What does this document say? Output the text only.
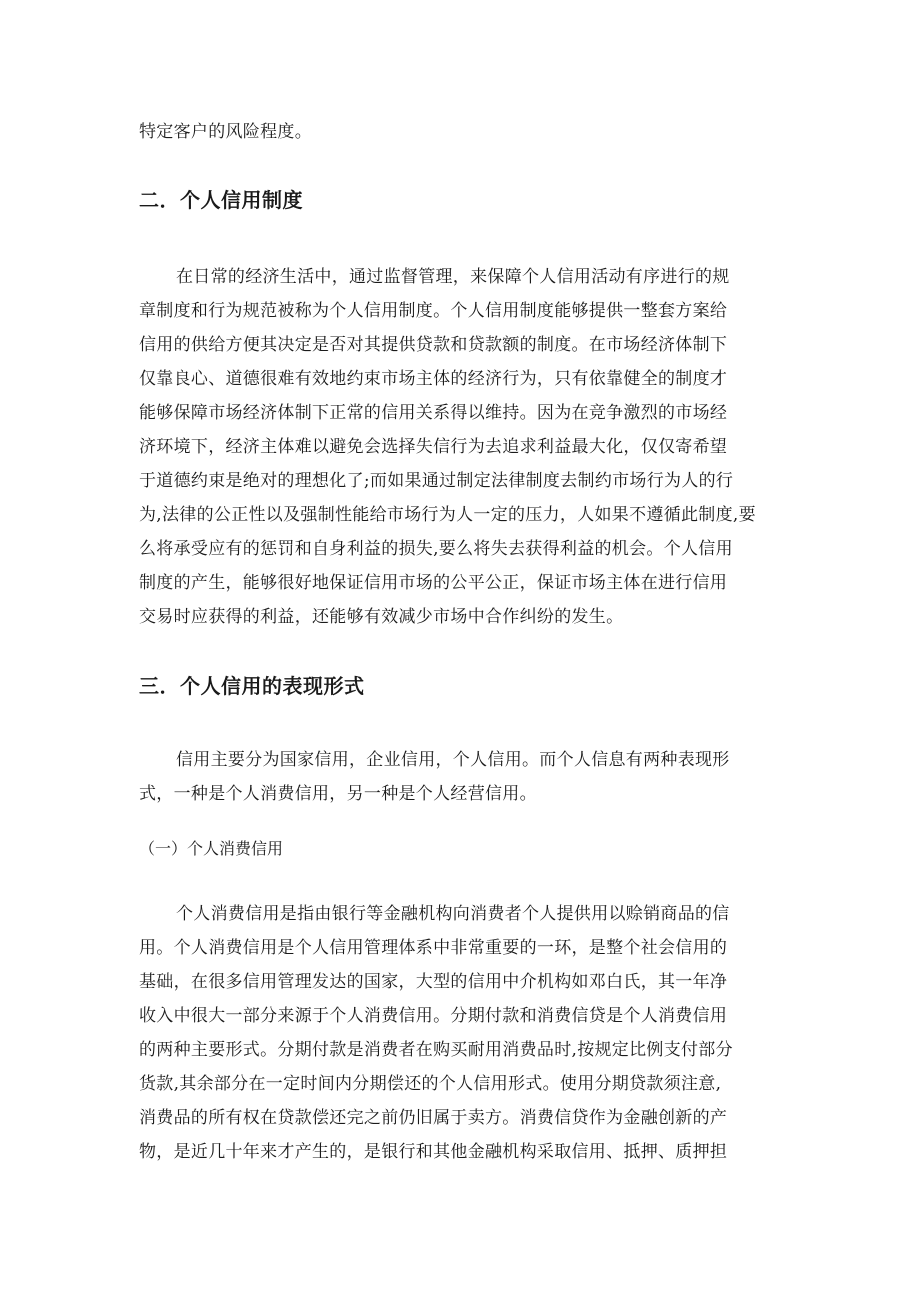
特定客户的风险程度。
二．个人信用制度
在日常的经济生活中，通过监督管理，来保障个人信用活动有序进行的规
章制度和行为规范被称为个人信用制度。个人信用制度能够提供一整套方案给
信用的供给方便其决定是否对其提供贷款和贷款额的制度。在市场经济体制下
仅靠良心、道德很难有效地约束市场主体的经济行为，只有依靠健全的制度才
能够保障市场经济体制下正常的信用关系得以维持。因为在竞争激烈的市场经
济环境下，经济主体难以避免会选择失信行为去追求利益最大化，仅仅寄希望
于道德约束是绝对的理想化了;而如果通过制定法律制度去制约市场行为人的行
为,法律的公正性以及强制性能给市场行为人一定的压力，人如果不遵循此制度,要
么将承受应有的惩罚和自身利益的损失,要么将失去获得利益的机会。个人信用
制度的产生，能够很好地保证信用市场的公平公正，保证市场主体在进行信用
交易时应获得的利益，还能够有效减少市场中合作纠纷的发生。
三．个人信用的表现形式
信用主要分为国家信用，企业信用，个人信用。而个人信息有两种表现形
式，一种是个人消费信用，另一种是个人经营信用。
（一）个人消费信用
个人消费信用是指由银行等金融机构向消费者个人提供用以赊销商品的信
用。个人消费信用是个人信用管理体系中非常重要的一环，是整个社会信用的
基础，在很多信用管理发达的国家，大型的信用中介机构如邓白氏，其一年净
收入中很大一部分来源于个人消费信用。分期付款和消费信贷是个人消费信用
的两种主要形式。分期付款是消费者在购买耐用消费品时,按规定比例支付部分
货款,其余部分在一定时间内分期偿还的个人信用形式。使用分期贷款须注意,
消费品的所有权在贷款偿还完之前仍旧属于卖方。消费信贷作为金融创新的产
物，是近几十年来才产生的，是银行和其他金融机构采取信用、抵押、质押担
